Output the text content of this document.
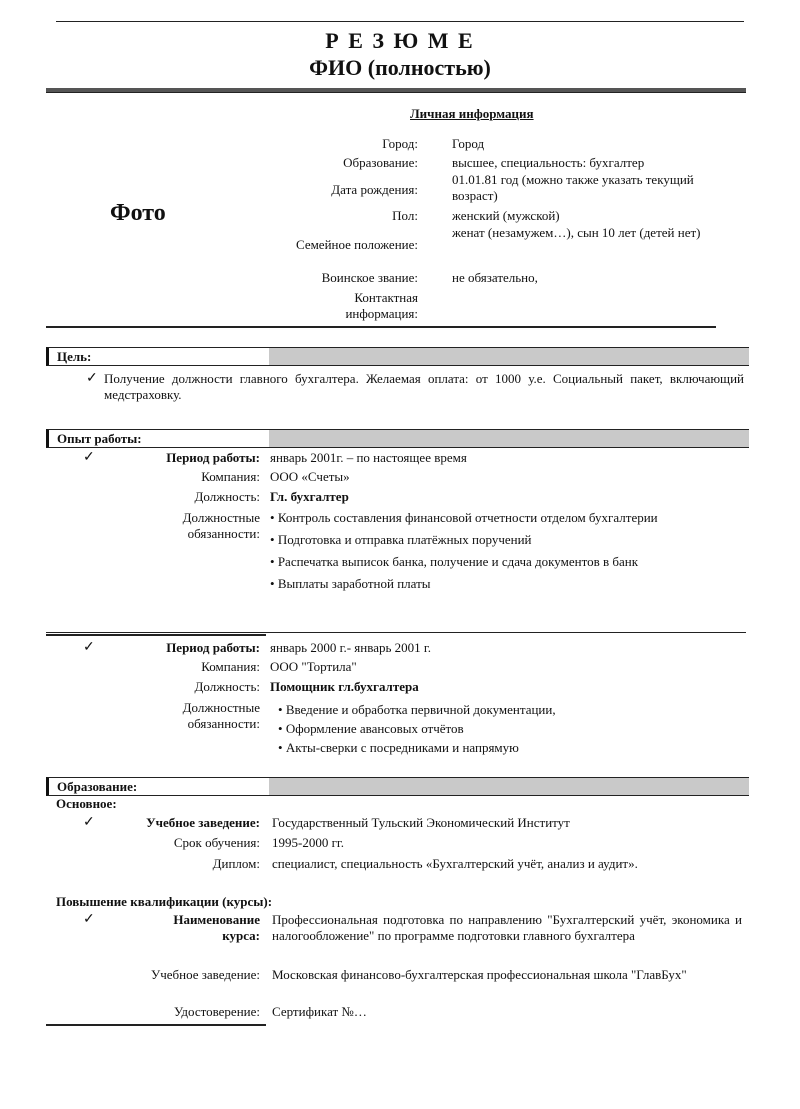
Р Е З Ю М Е
ФИО (полностью)
Фото
Личная информация
Город:	Город
Образование:	высшее, специальность: бухгалтер
Дата рождения:
01.01.81 год (можно также указать текущий возраст)
Пол:	женский (мужской)
Семейное положение:
женат (незамужем…), сын 10 лет (детей нет)
Воинское звание:	не обязательно,
Контактная информация:
Цель:
✓ Получение должности главного бухгалтера. Желаемая оплата: от 1000 у.е. Социальный пакет, включающий медстраховку.
Опыт работы:
✓	Период работы: январь 2001г. – по настоящее время
Компания: ООО «Счеты»
Должность: Гл. бухгалтер
Должностные обязанности:
• Контроль составления финансовой отчетности отделом бухгалтерии
• Подготовка и отправка платёжных поручений
• Распечатка выписок банка, получение и сдача документов в банк
• Выплаты заработной платы
✓	Период работы: январь 2000 г.- январь 2001 г.
Компания: ООО "Тортила"
Должность: Помощник гл.бухгалтера
Должностные обязанности:
• Введение и обработка первичной документации,
• Оформление авансовых отчётов
• Акты-сверки с посредниками и напрямую
Образование:
Основное:
✓	Учебное заведение: Государственный Тульский Экономический Институт
Срок обучения: 1995-2000 гг.
Диплом: специалист, специальность «Бухгалтерский учёт, анализ и аудит».
Повышение квалификации (курсы):
✓	Наименование курса:
Профессиональная подготовка по направлению "Бухгалтерский учёт, экономика и налогообложение" по программе подготовки главного бухгалтера
Учебное заведение: Московская финансово-бухгалтерская профессиональная школа "ГлавБух"
Удостоверение: Сертификат №…
